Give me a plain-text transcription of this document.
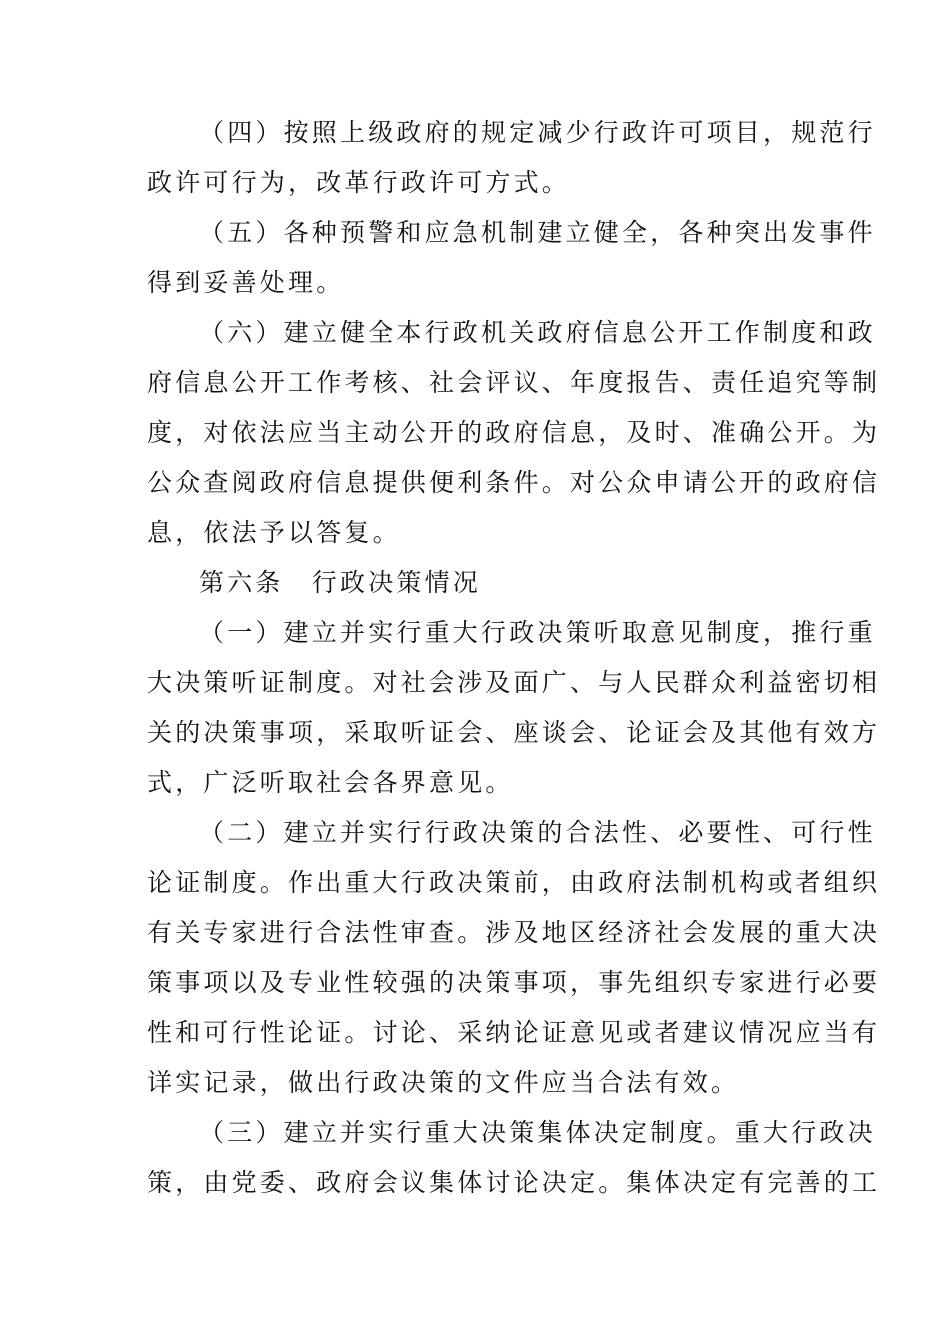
（四）按照上级政府的规定减少行政许可项目，规范行
政许可行为，改革行政许可方式。
（五）各种预警和应急机制建立健全，各种突出发事件
得到妥善处理。
（六）建立健全本行政机关政府信息公开工作制度和政
府信息公开工作考核、社会评议、年度报告、责任追究等制
度，对依法应当主动公开的政府信息，及时、准确公开。为
公众查阅政府信息提供便利条件。对公众申请公开的政府信
息，依法予以答复。
第六条　行政决策情况
（一）建立并实行重大行政决策听取意见制度，推行重
大决策听证制度。对社会涉及面广、与人民群众利益密切相
关的决策事项，采取听证会、座谈会、论证会及其他有效方
式，广泛听取社会各界意见。
（二）建立并实行行政决策的合法性、必要性、可行性
论证制度。作出重大行政决策前，由政府法制机构或者组织
有关专家进行合法性审查。涉及地区经济社会发展的重大决
策事项以及专业性较强的决策事项，事先组织专家进行必要
性和可行性论证。讨论、采纳论证意见或者建议情况应当有
详实记录，做出行政决策的文件应当合法有效。
（三）建立并实行重大决策集体决定制度。重大行政决
策，由党委、政府会议集体讨论决定。集体决定有完善的工
